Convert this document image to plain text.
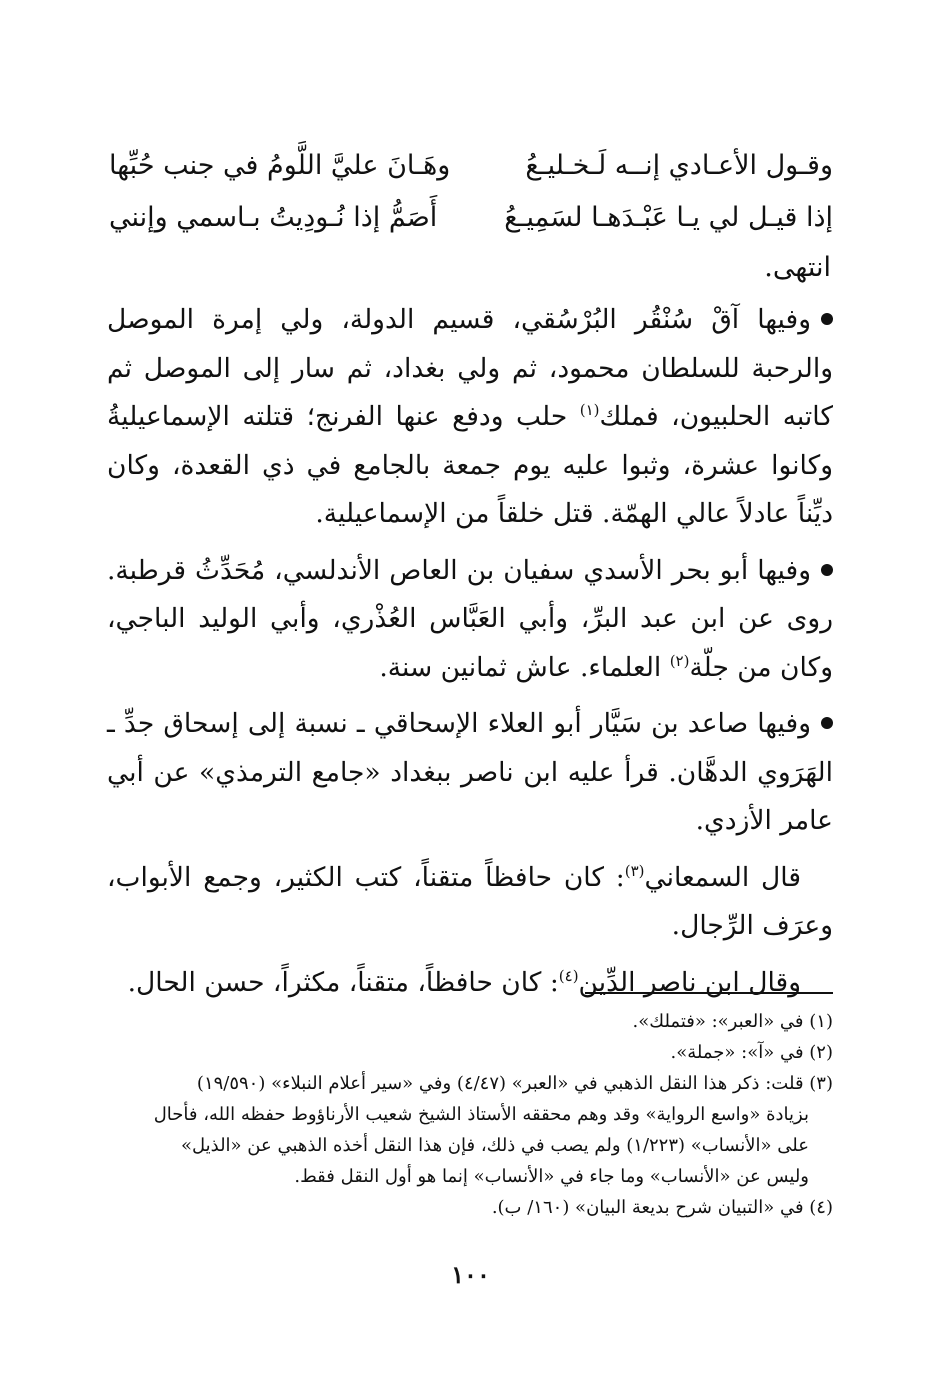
وقـول الأعـادي إنــه لَـخـليـعُ
وهَـانَ عليَّ اللَّومُ في جنب حُبِّها
إذا قيـل لي يـا عَبْـدَهـا لسَمِيـعُ
أَصَمُّ إذا نُـودِيتُ بـاسمي وإنني
انتهى.

وفيها آقْ سُنْقُر البُرْسُقي، قسيم الدولة، ولي إمرة الموصل والرحبة للسلطان محمود، ثم ولي بغداد، ثم سار إلى الموصل ثم كاتبه الحلبيون، فملك$^{(١)}$ حلب ودفع عنها الفرنج؛ قتلته الإسماعيليةُ وكانوا عشرة، وثبوا عليه يوم جمعة بالجامع في ذي القعدة، وكان ديِّناً عادلاً عالي الهمّة. قتل خلقاً من الإسماعيلية.

وفيها أبو بحر الأسدي سفيان بن العاص الأندلسي، مُحَدِّثُ قرطبة. روى عن ابن عبد البرِّ، وأبي العَبَّاس العُذْري، وأبي الوليد الباجي، وكان من جلّة$^{(٢)}$ العلماء. عاش ثمانين سنة.

وفيها صاعد بن سَيَّار أبو العلاء الإسحاقي ـ نسبة إلى إسحاق جدِّ ـ الهَرَوي الدهَّان. قرأ عليه ابن ناصر ببغداد «جامع الترمذي» عن أبي عامر الأزدي.

قال السمعاني$^{(٣)}$: كان حافظاً متقناً، كتب الكثير، وجمع الأبواب، وعرَف الرِّجال.

وقال ابن ناصر الدِّين$^{(٤)}$: كان حافظاً، متقناً، مكثراً، حسن الحال.

(١) في «العبر»: «فتملك».

(٢) في «آ»: «جملة».

(٣) قلت: ذكر هذا النقل الذهبي في «العبر» (٤/٤٧) وفي «سير أعلام النبلاء» (١٩/٥٩٠)

بزيادة «واسع الرواية» وقد وهم محققه الأستاذ الشيخ شعيب الأرناؤوط حفظه الله، فأحال

على «الأنساب» (١/٢٢٣) ولم يصب في ذلك، فإن هذا النقل أخذه الذهبي عن «الذيل»

وليس عن «الأنساب» وما جاء في «الأنساب» إنما هو أول النقل فقط.

(٤) في «التبيان شرح بديعة البيان» (١٦٠/ ب).

١٠٠
